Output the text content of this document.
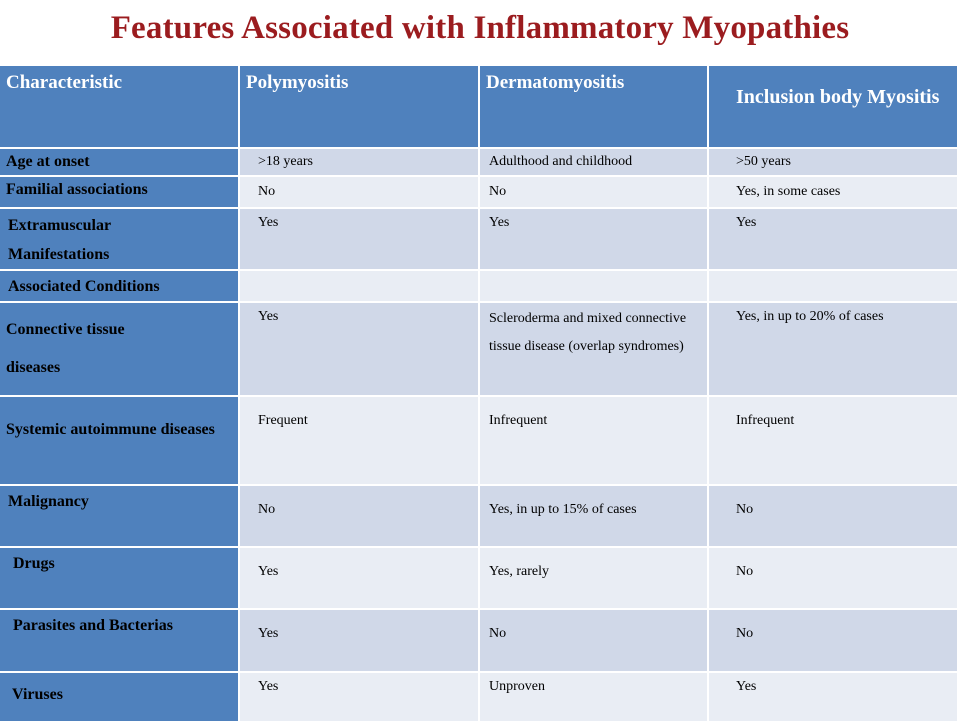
Features Associated with Inflammatory Myopathies
Characteristic	Polymyositis	Dermatomyositis	Inclusion body Myositis

Age at onset	>18 years	Adulthood and childhood	>50 years

Familial associations	No	No	Yes, in some cases

Extramuscular Manifestations	Yes	Yes	Yes

Associated Conditions			

Connective tissue diseases	Yes	Scleroderma and mixed connective tissue disease (overlap syndromes)	Yes, in up to 20% of cases

Systemic autoimmune diseases	Frequent	Infrequent	Infrequent

Malignancy	No	Yes, in up to 15% of cases	No

Drugs	Yes	Yes, rarely	No

Parasites and Bacterias	Yes	No	No

Viruses	Yes	Unproven	Yes
